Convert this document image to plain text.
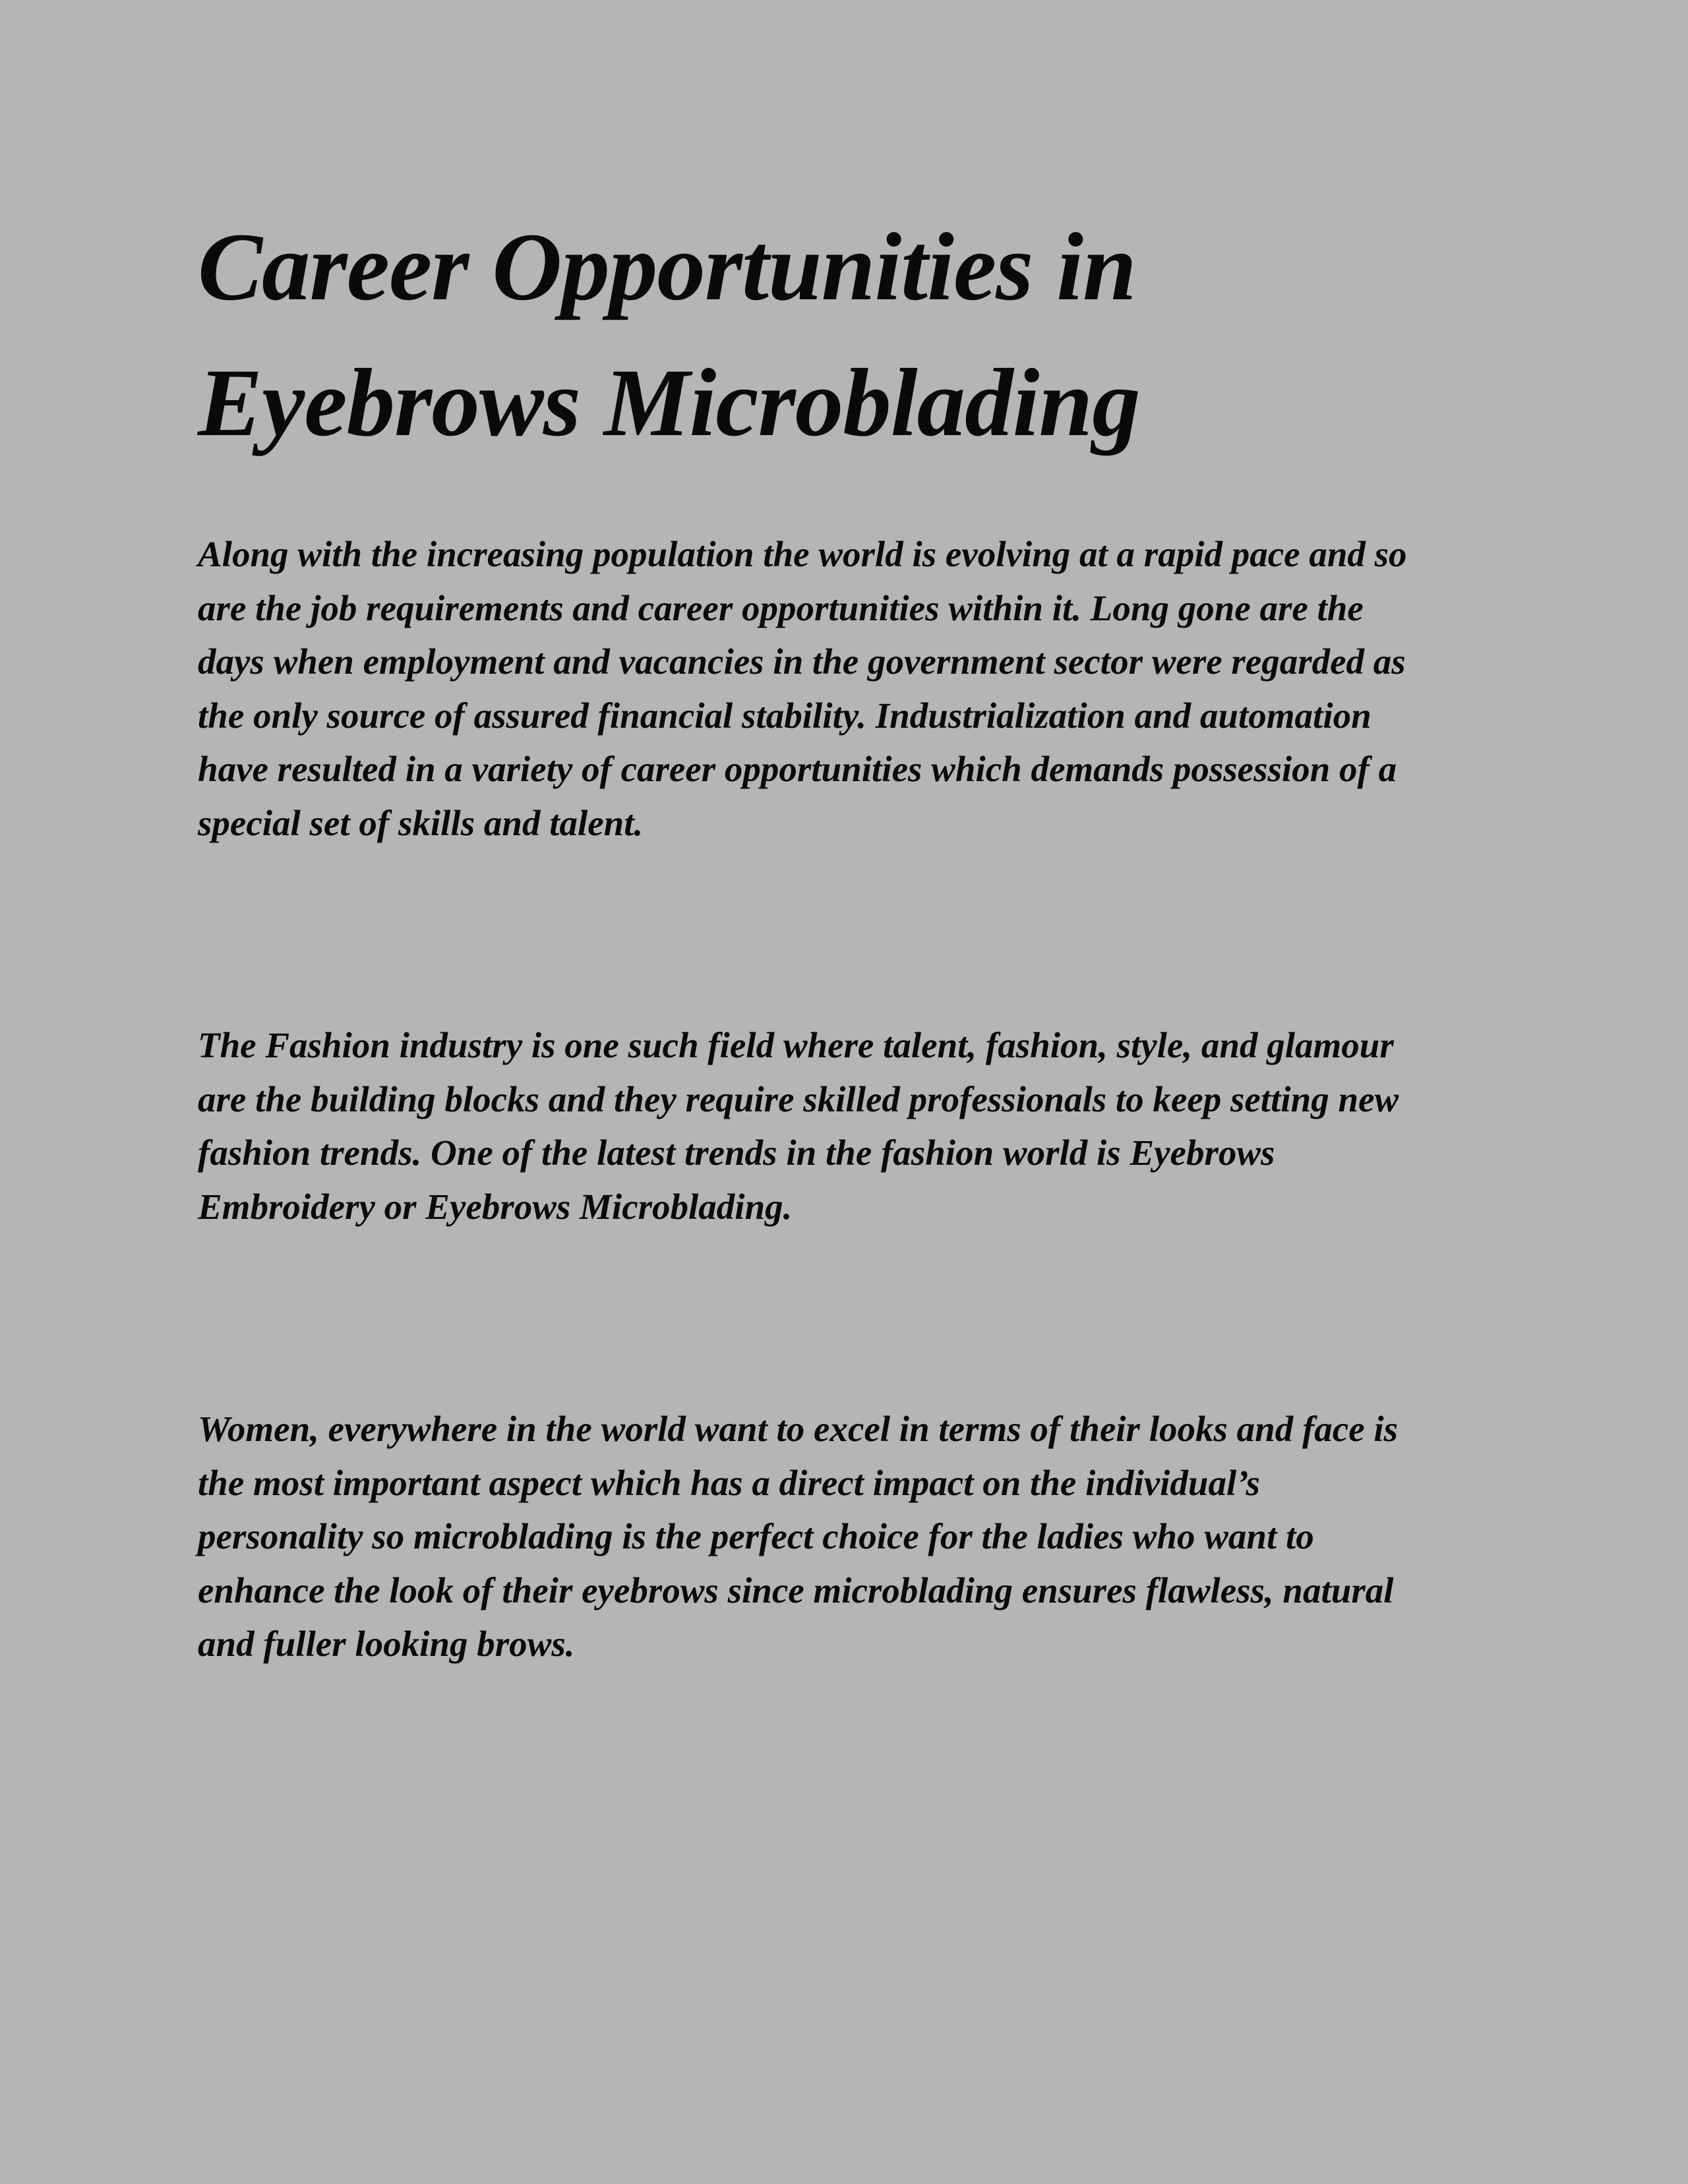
Career Opportunities in
Eyebrows Microblading

Along with the increasing population the world is evolving at a rapid pace and so
are the job requirements and career opportunities within it. Long gone are the
days when employment and vacancies in the government sector were regarded as
the only source of assured financial stability. Industrialization and automation
have resulted in a variety of career opportunities which demands possession of a
special set of skills and talent.

The Fashion industry is one such field where talent, fashion, style, and glamour
are the building blocks and they require skilled professionals to keep setting new
fashion trends. One of the latest trends in the fashion world is Eyebrows
Embroidery or Eyebrows Microblading.

Women, everywhere in the world want to excel in terms of their looks and face is
the most important aspect which has a direct impact on the individual’s
personality so microblading is the perfect choice for the ladies who want to
enhance the look of their eyebrows since microblading ensures flawless, natural
and fuller looking brows.
